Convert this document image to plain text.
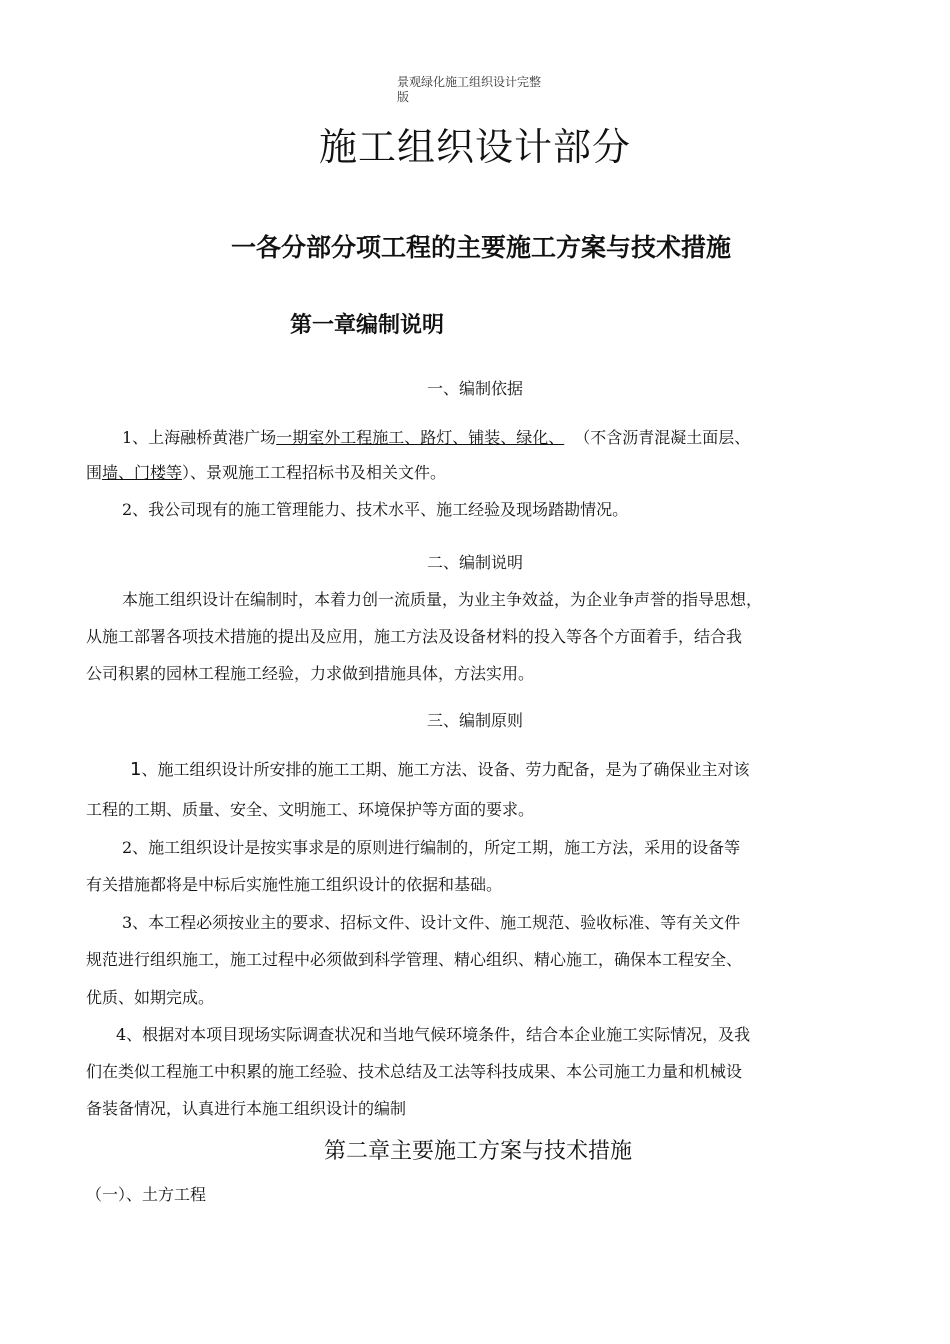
景观绿化施工组织设计完整
版
施工组织设计部分
一各分部分项工程的主要施工方案与技术措施
第一章编制说明
一、编制依据
1、上海融桥黄港广场一期室外工程施工、路灯、铺装、绿化、 （不含沥青混凝土面层、
围墙、门楼等）、景观施工工程招标书及相关文件。
2、我公司现有的施工管理能力、技术水平、施工经验及现场踏勘情况。
二、编制说明
本施工组织设计在编制时，本着力创一流质量，为业主争效益，为企业争声誉的指导思想，
从施工部署各项技术措施的提出及应用，施工方法及设备材料的投入等各个方面着手，结合我
公司积累的园林工程施工经验，力求做到措施具体，方法实用。
三、编制原则
1、施工组织设计所安排的施工工期、施工方法、设备、劳力配备，是为了确保业主对该
工程的工期、质量、安全、文明施工、环境保护等方面的要求。
2、施工组织设计是按实事求是的原则进行编制的，所定工期，施工方法，采用的设备等
有关措施都将是中标后实施性施工组织设计的依据和基础。
3、本工程必须按业主的要求、招标文件、设计文件、施工规范、验收标准、等有关文件
规范进行组织施工，施工过程中必须做到科学管理、精心组织、精心施工，确保本工程安全、
优质、如期完成。
4、根据对本项目现场实际调查状况和当地气候环境条件，结合本企业施工实际情况，及我
们在类似工程施工中积累的施工经验、技术总结及工法等科技成果、本公司施工力量和机械设
备装备情况，认真进行本施工组织设计的编制
第二章主要施工方案与技术措施
（一）、土方工程
